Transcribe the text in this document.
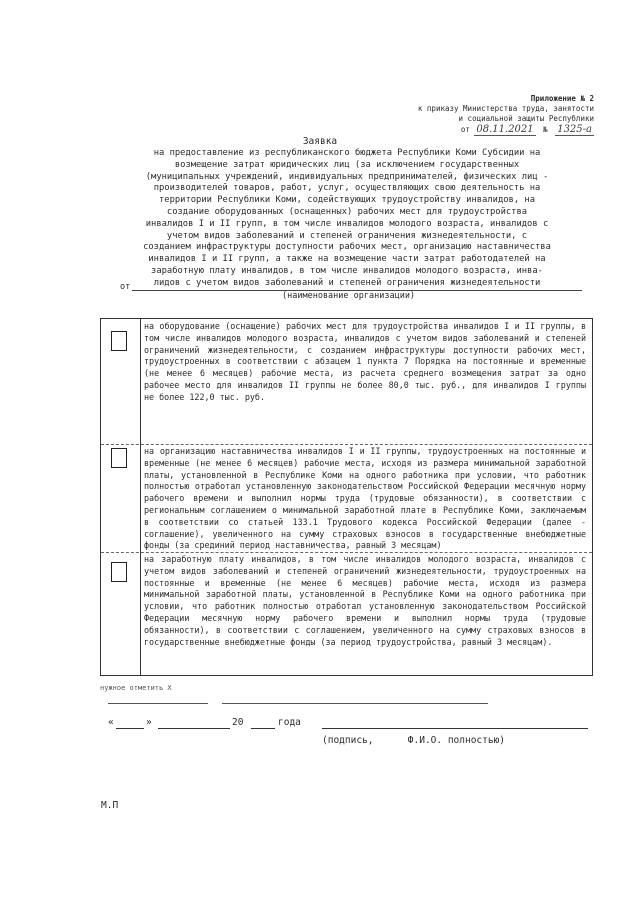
Приложение № 2
к приказу Министерства труда, занятости
и социальной защиты Республики
от 08.11.2021 № 1325-а
Заявка
на предоставление из республиканского бюджета Республики Коми Субсидии на
возмещение затрат юридических лиц (за исключением государственных
(муниципальных учреждений, индивидуальных предпринимателей, физических лиц -
производителей товаров, работ, услуг, осуществляющих свою деятельность на
территории Республики Коми, содействующих трудоустройству инвалидов, на
создание оборудованных (оснащенных) рабочих мест для трудоустройства
инвалидов I и II групп, в том числе инвалидов молодого возраста, инвалидов с
учетом видов заболеваний и степеней ограничения жизнедеятельности, с
созданием инфраструктуры доступности рабочих мест, организацию наставничества
инвалидов I и II групп, а также на возмещение части затрат работодателей на
заработную плату инвалидов, в том числе инвалидов молодого возраста, инва-
лидов с учетом видов заболеваний и степеней ограничения жизнедеятельности
от
(наименование организации)
на оборудование (оснащение) рабочих мест для трудоустройства инвалидов I и II группы, в том числе инвалидов молодого возраста, инвалидов с учетом видов заболеваний и степеней ограничений жизнедеятельности, с созданием инфраструктуры доступности рабочих мест, трудоустроенных в соответствии с абзацем 1 пункта 7 Порядка на постоянные и временные (не менее 6 месяцев) рабочие места, из расчета среднего возмещения затрат за одно рабочее место для инвалидов II группы не более 80,0 тыс. руб., для инвалидов I группы не более 122,0 тыс. руб.
на организацию наставничества инвалидов I и II группы, трудоустроенных на постоянные и временные (не менее 6 месяцев) рабочие места, исходя из размера минимальной заработной платы, установленной в Республике Коми на одного работника при условии, что работник полностью отработал установленную законодательством Российской Федерации месячную норму рабочего времени и выполнил нормы труда (трудовые обязанности), в соответствии с региональным соглашением о минимальной заработной плате в Республике Коми, заключаемым в соответствии со статьей 133.1 Трудового кодекса Российской Федерации (далее - соглашение), увеличенного на сумму страховых взносов в государственные внебюджетные фонды (за срединий период наставничества, равный 3 месяцам)
на заработную плату инвалидов, в том числе инвалидов молодого возраста, инвалидов с учетом видов заболеваний и степеней ограничений жизнедеятельности, трудоустроенных на постоянные и временные (не менее 6 месяцев) рабочие места, исходя из размера минимальной заработной платы, установленной в Республике Коми на одного работника при условии, что работник полностью отработал установленную законодательством Российской Федерации месячную норму рабочего времени и выполнил нормы труда (трудовые обязанности), в соответствии с соглашением, увеличенного на сумму страховых взносов в государственные внебюджетные фонды (за период трудоустройства, равный 3 месяцам).
нужное отметить Х
«	»	20	года
(подпись,      Ф.И.О. полностью)
М.П
